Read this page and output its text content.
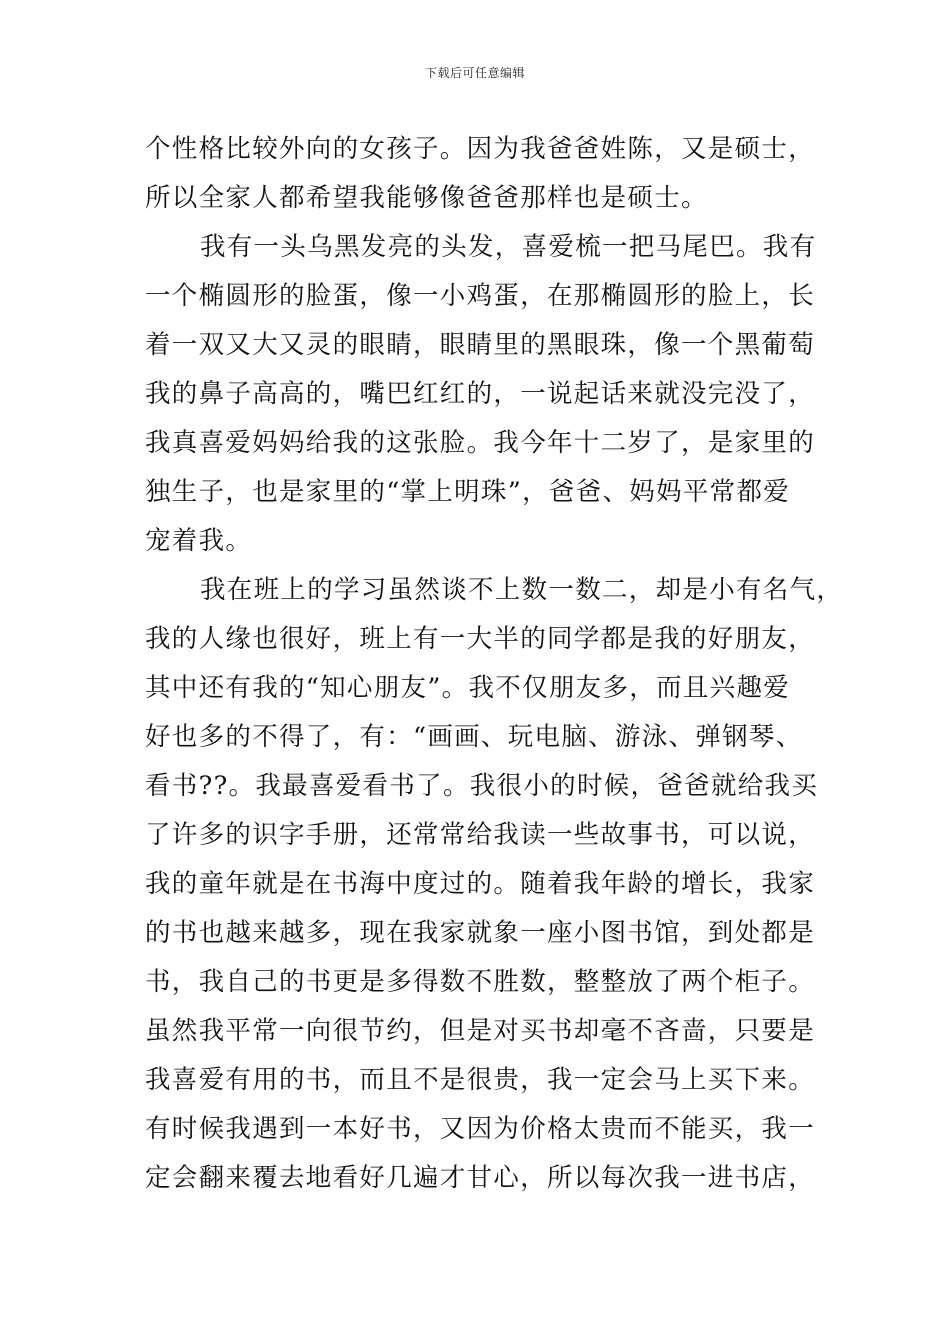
下载后可任意编辑
个性格比较外向的女孩子。因为我爸爸姓陈，又是硕士，
所以全家人都希望我能够像爸爸那样也是硕士。
我有一头乌黑发亮的头发，喜爱梳一把马尾巴。我有
一个椭圆形的脸蛋，像一小鸡蛋，在那椭圆形的脸上，长
着一双又大又灵的眼睛，眼睛里的黑眼珠，像一个黑葡萄
我的鼻子高高的，嘴巴红红的，一说起话来就没完没了，
我真喜爱妈妈给我的这张脸。我今年十二岁了，是家里的
独生子，也是家里的“掌上明珠”，爸爸、妈妈平常都爱
宠着我。
我在班上的学习虽然谈不上数一数二，却是小有名气，
我的人缘也很好，班上有一大半的同学都是我的好朋友，
其中还有我的“知心朋友”。我不仅朋友多，而且兴趣爱
好也多的不得了，有：“画画、玩电脑、游泳、弹钢琴、
看书??。我最喜爱看书了。我很小的时候，爸爸就给我买
了许多的识字手册，还常常给我读一些故事书，可以说，
我的童年就是在书海中度过的。随着我年龄的增长，我家
的书也越来越多，现在我家就象一座小图书馆，到处都是
书，我自己的书更是多得数不胜数，整整放了两个柜子。
虽然我平常一向很节约，但是对买书却毫不吝啬，只要是
我喜爱有用的书，而且不是很贵，我一定会马上买下来。
有时候我遇到一本好书，又因为价格太贵而不能买，我一
定会翻来覆去地看好几遍才甘心，所以每次我一进书店，
